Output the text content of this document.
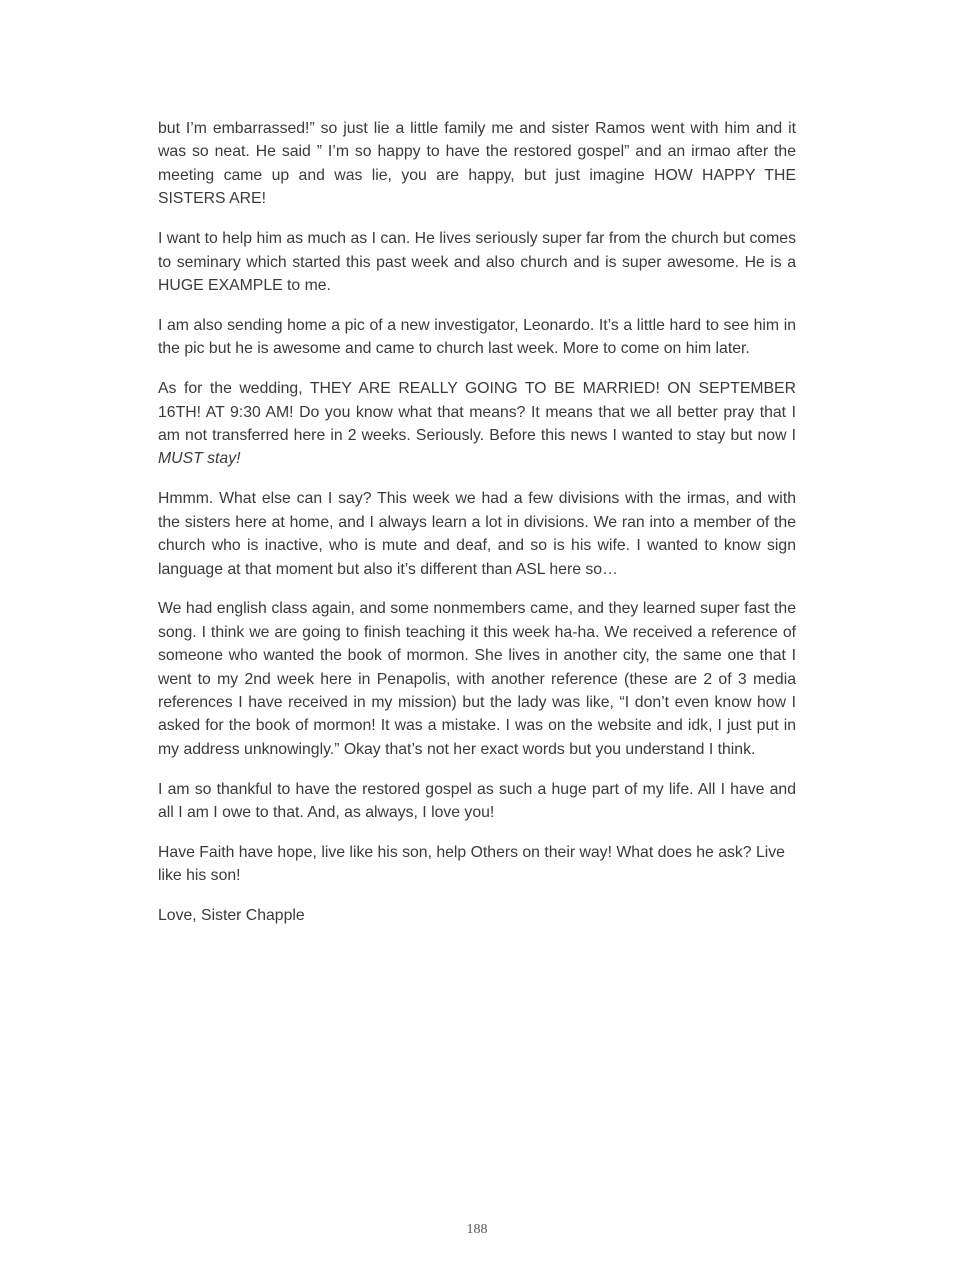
but I’m embarrassed!” so just lie a little family me and sister Ramos went with him and it was so neat. He said ” I’m so happy to have the restored gospel” and an irmao after the meeting came up and was lie, you are happy, but just imagine HOW HAPPY THE SISTERS ARE!

I want to help him as much as I can. He lives seriously super far from the church but comes to seminary which started this past week and also church and is super awesome. He is a HUGE EXAMPLE to me.

I am also sending home a pic of a new investigator, Leonardo. It’s a little hard to see him in the pic but he is awesome and came to church last week. More to come on him later.

As for the wedding, THEY ARE REALLY GOING TO BE MARRIED! ON SEPTEMBER 16TH! AT 9:30 AM! Do you know what that means? It means that we all better pray that I am not transferred here in 2 weeks. Seriously. Before this news I wanted to stay but now I MUST stay!

Hmmm. What else can I say? This week we had a few divisions with the irmas, and with the sisters here at home, and I always learn a lot in divisions. We ran into a member of the church who is inactive, who is mute and deaf, and so is his wife. I wanted to know sign language at that moment but also it’s different than ASL here so…

We had english class again, and some nonmembers came, and they learned super fast the song. I think we are going to finish teaching it this week ha-ha. We received a reference of someone who wanted the book of mormon. She lives in another city, the same one that I went to my 2nd week here in Penapolis, with another reference (these are 2 of 3 media references I have received in my mission) but the lady was like, “I don’t even know how I asked for the book of mormon! It was a mistake. I was on the website and idk, I just put in my address unknowingly.” Okay that’s not her exact words but you understand I think.

I am so thankful to have the restored gospel as such a huge part of my life. All I have and all I am I owe to that. And, as always, I love you!

Have Faith have hope, live like his son, help Others on their way! What does he ask? Live like his son!

Love, Sister Chapple

188
